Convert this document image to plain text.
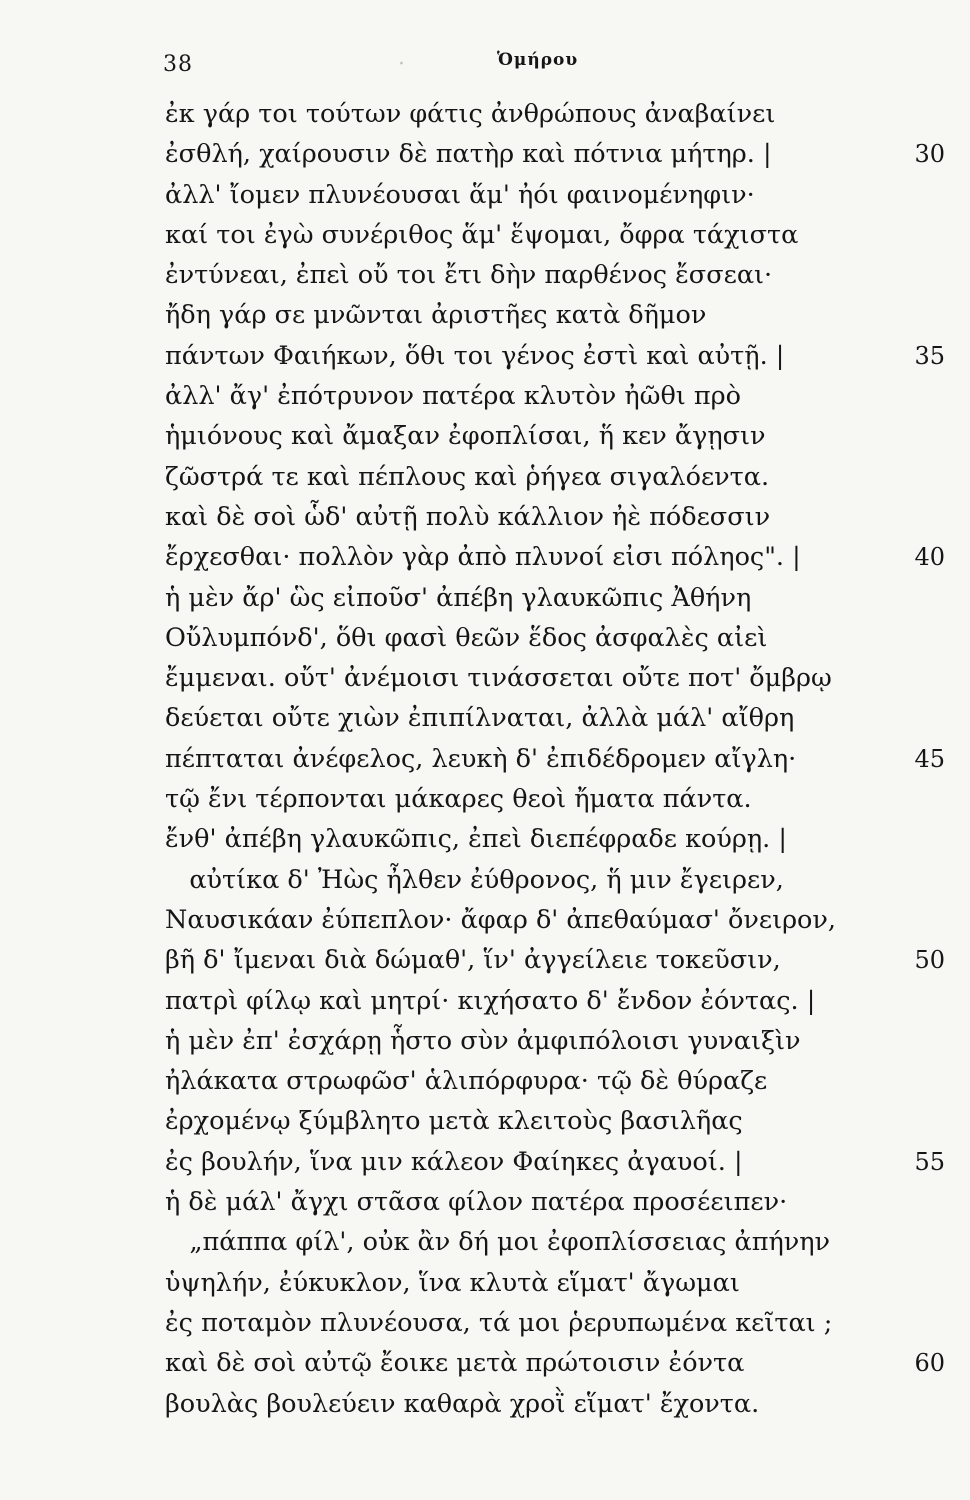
·
38	Ὁμήρου
ἐκ γάρ τοι τούτων φάτις ἀνθρώπους ἀναβαίνει
ἐσθλή, χαίρουσιν δὲ πατὴρ καὶ πότνια μήτηρ. |	30
ἀλλ' ἴομεν πλυνέουσαι ἅμ' ἠόι φαινομένηφιν·
καί τοι ἐγὼ συνέριθος ἅμ' ἕψομαι, ὄφρα τάχιστα
ἐντύνεαι, ἐπεὶ οὔ τοι ἔτι δὴν παρθένος ἔσσεαι·
ἤδη γάρ σε μνῶνται ἀριστῆες κατὰ δῆμον
πάντων Φαιήκων, ὅθι τοι γένος ἐστὶ καὶ αὐτῇ. |	35
ἀλλ' ἄγ' ἐπότρυνον πατέρα κλυτὸν ἠῶθι πρὸ
ἡμιόνους καὶ ἄμαξαν ἐφοπλίσαι, ἥ κεν ἄγῃσιν
ζῶστρά τε καὶ πέπλους καὶ ῥήγεα σιγαλόεντα.
καὶ δὲ σοὶ ὧδ' αὐτῇ πολὺ κάλλιον ἠὲ πόδεσσιν
ἔρχεσθαι· πολλὸν γὰρ ἀπὸ πλυνοί εἰσι πόληος". |	40
ἡ μὲν ἄρ' ὣς εἰποῦσ' ἀπέβη γλαυκῶπις Ἀθήνη
Οὔλυμπόνδ', ὅθι φασὶ θεῶν ἕδος ἀσφαλὲς αἰεὶ
ἔμμεναι. οὔτ' ἀνέμοισι τινάσσεται οὔτε ποτ' ὄμβρῳ
δεύεται οὔτε χιὼν ἐπιπίλναται, ἀλλὰ μάλ' αἴθρη
πέπταται ἀνέφελος, λευκὴ δ' ἐπιδέδρομεν αἴγλη·	45
τῷ ἔνι τέρπονται μάκαρες θεοὶ ἤματα πάντα.
ἔνθ' ἀπέβη γλαυκῶπις, ἐπεὶ διεπέφραδε κούρῃ. |
αὐτίκα δ' Ἠὼς ἦλθεν ἐύθρονος, ἥ μιν ἔγειρεν,
Ναυσικάαν ἐύπεπλον· ἄφαρ δ' ἀπεθαύμασ' ὄνειρον,
βῆ δ' ἴμεναι διὰ δώμαθ', ἵν' ἀγγείλειε τοκεῦσιν,	50
πατρὶ φίλῳ καὶ μητρί· κιχήσατο δ' ἔνδον ἐόντας. |
ἡ μὲν ἐπ' ἐσχάρῃ ἧστο σὺν ἀμφιπόλοισι γυναιξὶν
ἠλάκατα στρωφῶσ' ἁλιπόρφυρα· τῷ δὲ θύραζε
ἐρχομένῳ ξύμβλητο μετὰ κλειτοὺς βασιλῆας
ἐς βουλήν, ἵνα μιν κάλεον Φαίηκες ἀγαυοί. |	55
ἡ δὲ μάλ' ἄγχι στᾶσα φίλον πατέρα προσέειπεν·
„πάππα φίλ', οὐκ ἂν δή μοι ἐφοπλίσσειας ἀπήνην
ὑψηλήν, ἐύκυκλον, ἵνα κλυτὰ εἵματ' ἄγωμαι
ἐς ποταμὸν πλυνέουσα, τά μοι ῥερυπωμένα κεῖται ;
καὶ δὲ σοὶ αὐτῷ ἔοικε μετὰ πρώτοισιν ἐόντα	60
βουλὰς βουλεύειν καθαρὰ χροῒ εἵματ' ἔχοντα.
